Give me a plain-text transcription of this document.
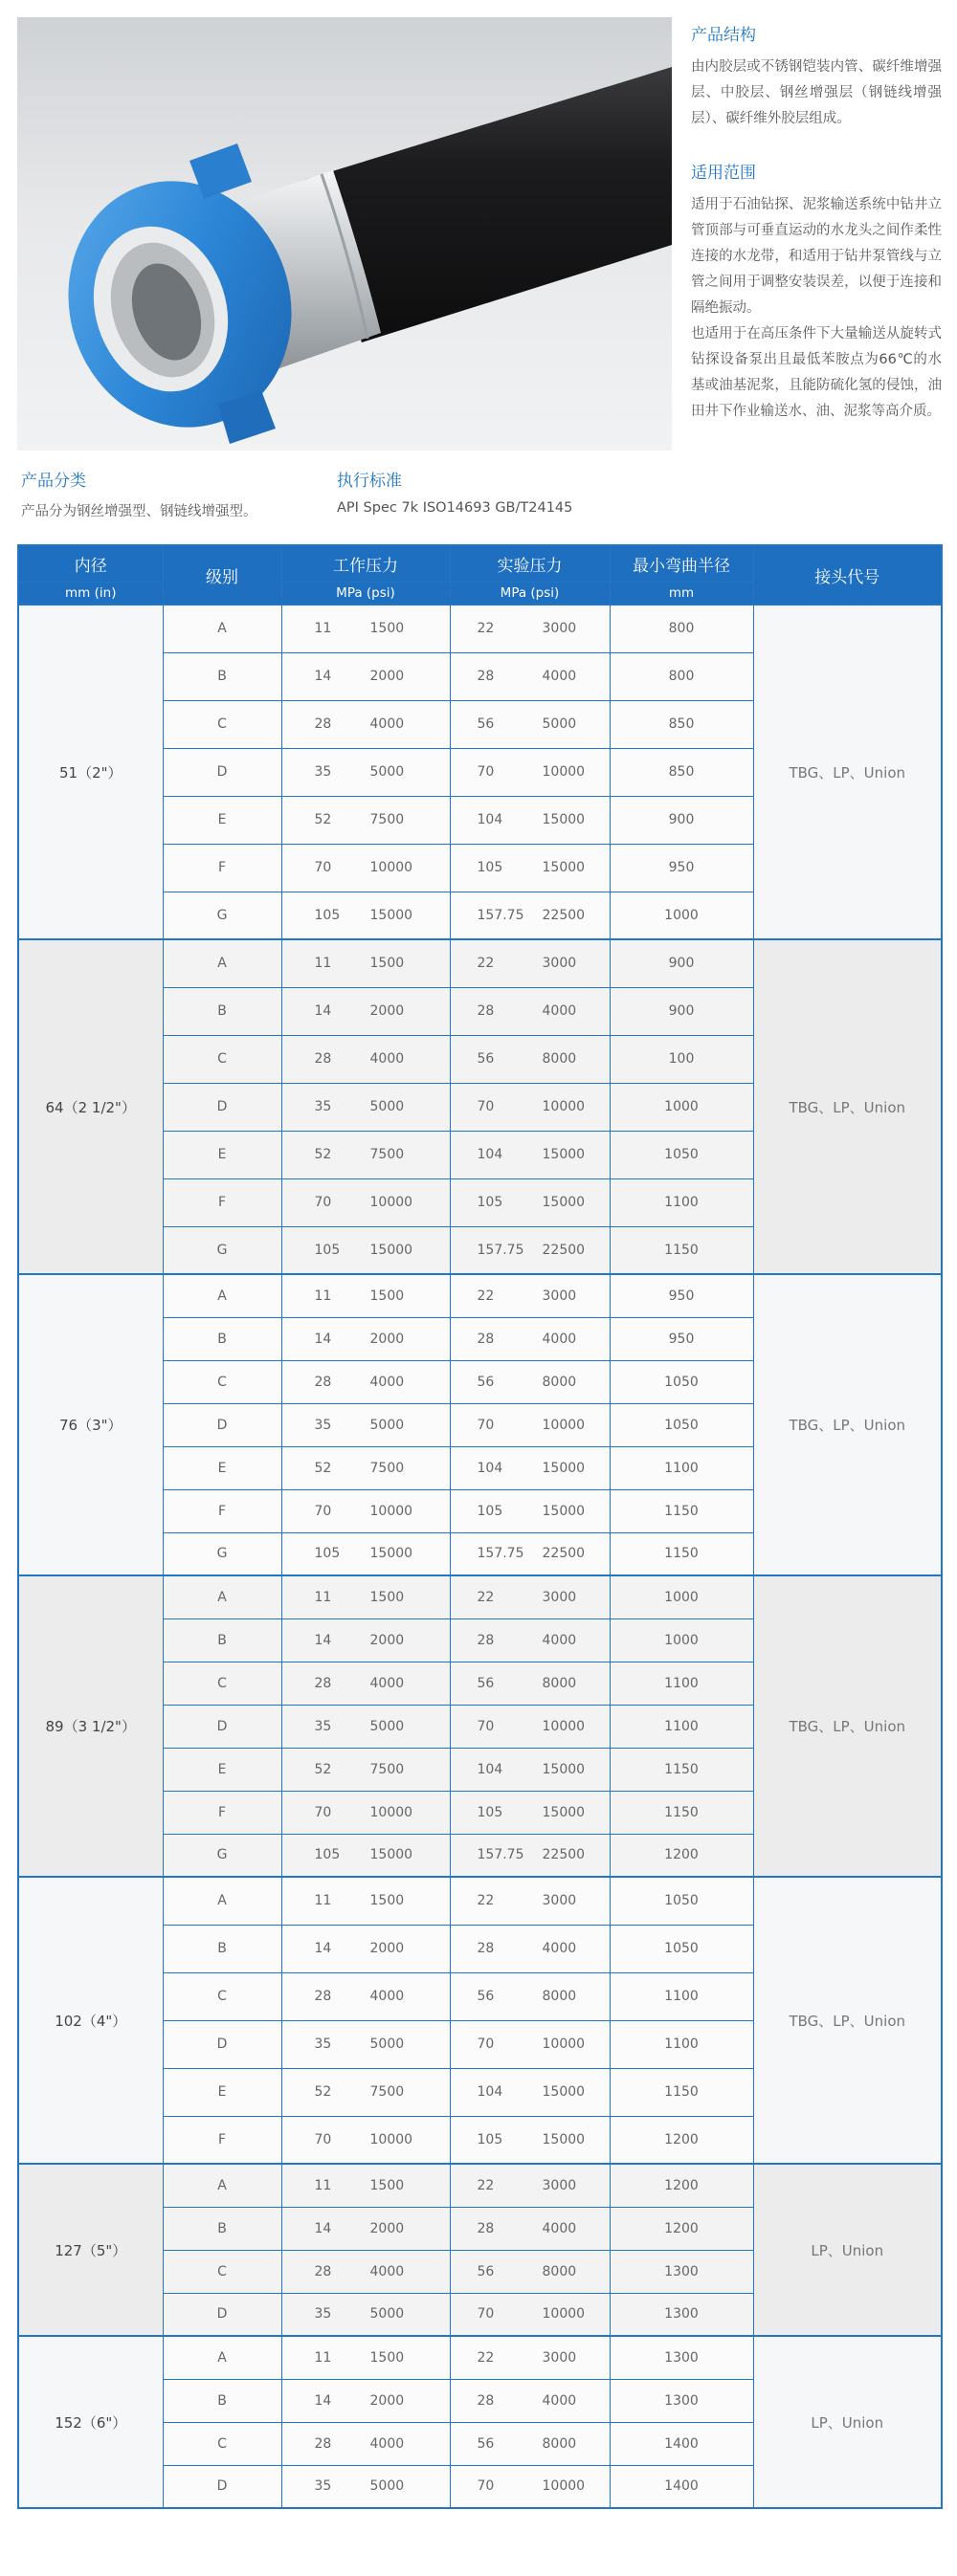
产品结构

由内胶层或不锈钢铠装内管、碳纤维增强层、中胶层、钢丝增强层（钢链线增强层）、碳纤维外胶层组成。

适用范围

适用于石油钻探、泥浆输送系统中钻井立管顶部与可垂直运动的水龙头之间作柔性连接的水龙带，和适用于钻井泵管线与立管之间用于调整安装误差，以便于连接和隔绝振动。

也适用于在高压条件下大量输送从旋转式钻探设备泵出且最低苯胺点为66℃的水基或油基泥浆，且能防硫化氢的侵蚀，油田井下作业输送水、油、泥浆等高介质。

产品分类

产品分为钢丝增强型、钢链线增强型。

执行标准

API Spec 7k ISO14693 GB/T24145

内径	级别	工作压力	实验压力	最小弯曲半径	接头代号
mm (in)		MPa (psi)	MPa (psi)	mm	
51（2"）	A	11 1500	22 3000	800	TBG、LP、Union
	B	14 2000	28 4000	800	
	C	28 4000	56 5000	850	
	D	35 5000	70 10000	850	
	E	52 7500	104 15000	900	
	F	70 10000	105 15000	950	
	G	105 15000	157.75 22500	1000	
64（2 1/2"）	A	11 1500	22 3000	900	TBG、LP、Union
	B	14 2000	28 4000	900	
	C	28 4000	56 8000	100	
	D	35 5000	70 10000	1000	
	E	52 7500	104 15000	1050	
	F	70 10000	105 15000	1100	
	G	105 15000	157.75 22500	1150	
76（3"）	A	11 1500	22 3000	950	TBG、LP、Union
	B	14 2000	28 4000	950	
	C	28 4000	56 8000	1050	
	D	35 5000	70 10000	1050	
	E	52 7500	104 15000	1100	
	F	70 10000	105 15000	1150	
	G	105 15000	157.75 22500	1150	
89（3 1/2"）	A	11 1500	22 3000	1000	TBG、LP、Union
	B	14 2000	28 4000	1000	
	C	28 4000	56 8000	1100	
	D	35 5000	70 10000	1100	
	E	52 7500	104 15000	1150	
	F	70 10000	105 15000	1150	
	G	105 15000	157.75 22500	1200	
102（4"）	A	11 1500	22 3000	1050	TBG、LP、Union
	B	14 2000	28 4000	1050	
	C	28 4000	56 8000	1100	
	D	35 5000	70 10000	1100	
	E	52 7500	104 15000	1150	
	F	70 10000	105 15000	1200	
127（5"）	A	11 1500	22 3000	1200	LP、Union
	B	14 2000	28 4000	1200	
	C	28 4000	56 8000	1300	
	D	35 5000	70 10000	1300	
152（6"）	A	11 1500	22 3000	1300	LP、Union
	B	14 2000	28 4000	1300	
	C	28 4000	56 8000	1400	
	D	35 5000	70 10000	1400	
